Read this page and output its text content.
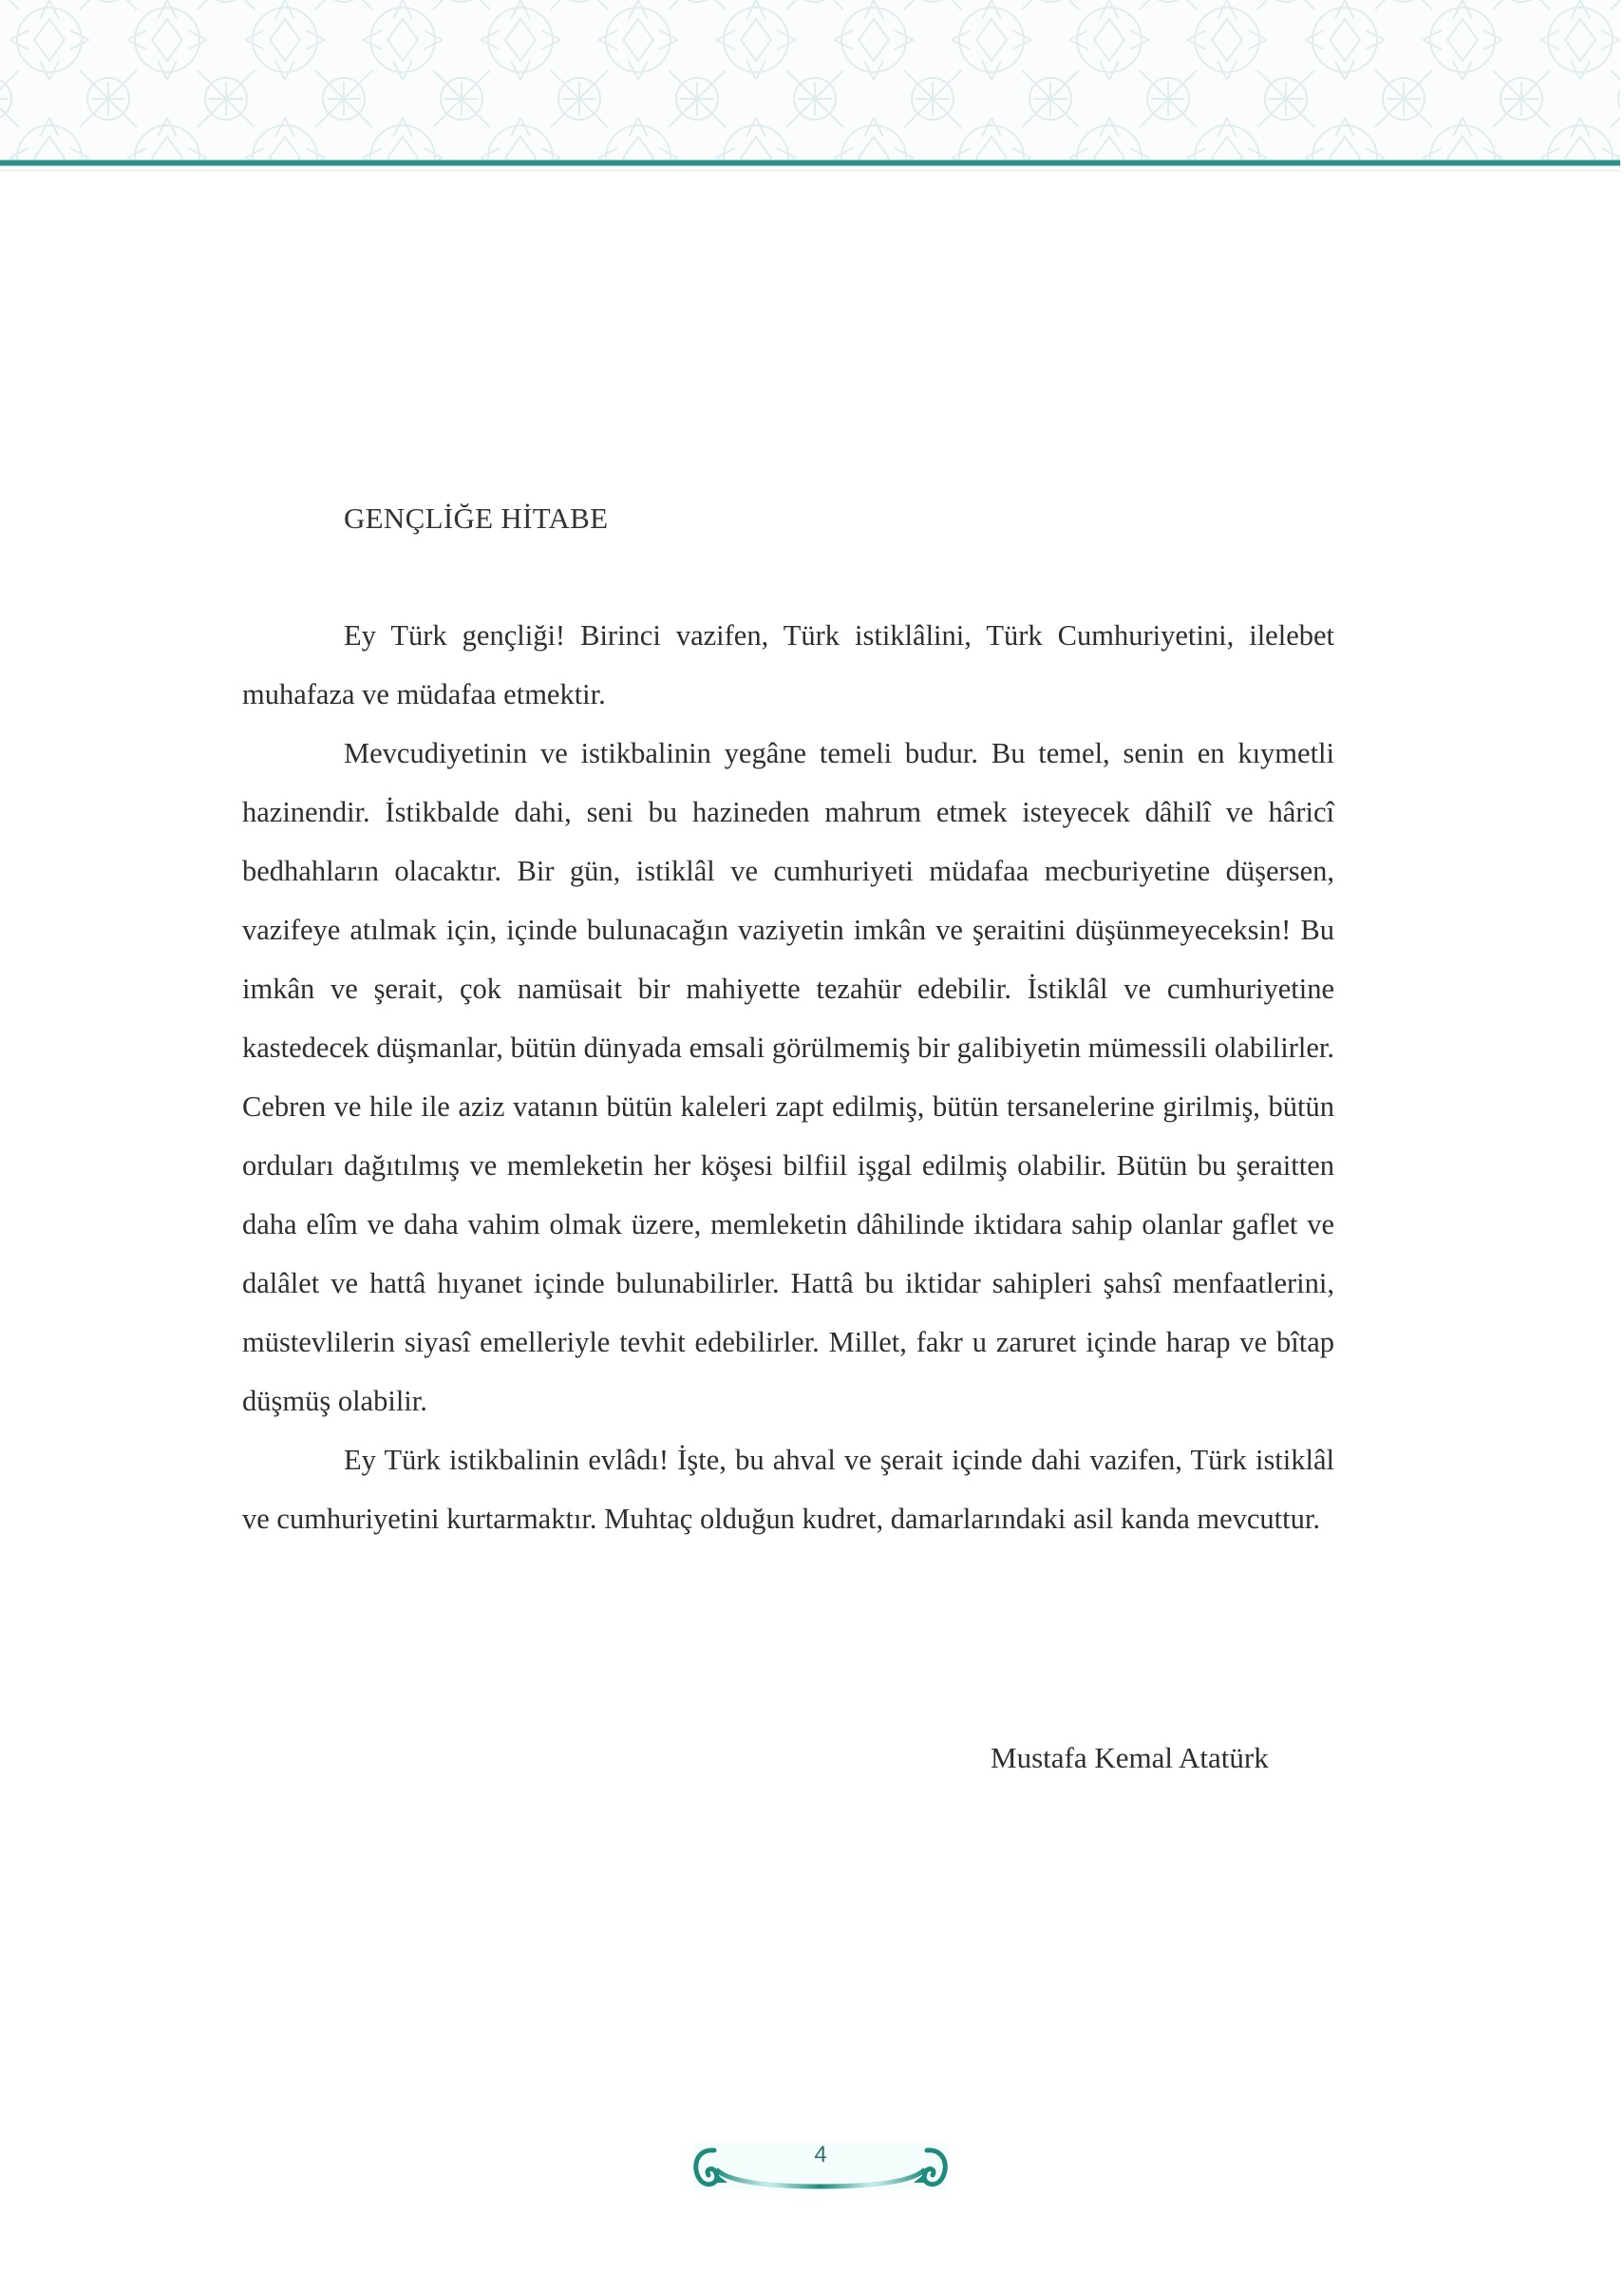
GENÇLİĞE HİTABE

Ey Türk gençliği! Birinci vazifen, Türk istiklâlini, Türk Cumhuriyetini, ilelebet muhafaza ve müdafaa etmektir.

Mevcudiyetinin ve istikbalinin yegâne temeli budur. Bu temel, senin en kıymetli hazinendir. İstikbalde dahi, seni bu hazineden mahrum etmek isteyecek dâhilî ve hâricî bedhahların olacaktır. Bir gün, istiklâl ve cumhuriyeti müdafaa mecburiyetine düşersen, vazifeye atılmak için, içinde bulunacağın vaziyetin imkân ve şeraitini düşünmeyeceksin! Bu imkân ve şerait, çok namüsait bir mahiyette tezahür edebilir. İstiklâl ve cumhuriyetine kastedecek düşmanlar, bütün dünyada emsali görülmemiş bir galibiyetin mümessili olabilirler. Cebren ve hile ile aziz vatanın bütün kaleleri zapt edilmiş, bütün tersanelerine girilmiş, bütün orduları dağıtılmış ve memleketin her köşesi bilfiil işgal edilmiş olabilir. Bütün bu şeraitten daha elîm ve daha vahim olmak üzere, memleketin dâhilinde iktidara sahip olanlar gaflet ve dalâlet ve hattâ hıyanet içinde bulunabilirler. Hattâ bu iktidar sahipleri şahsî menfaatlerini, müstevlilerin siyasî emelleriyle tevhit edebilirler. Millet, fakr u zaruret içinde harap ve bîtap düşmüş olabilir.

Ey Türk istikbalinin evlâdı! İşte, bu ahval ve şerait içinde dahi vazifen, Türk istiklâl ve cumhuriyetini kurtarmaktır. Muhtaç olduğun kudret, damarlarındaki asil kanda mevcuttur.

Mustafa Kemal Atatürk
4
